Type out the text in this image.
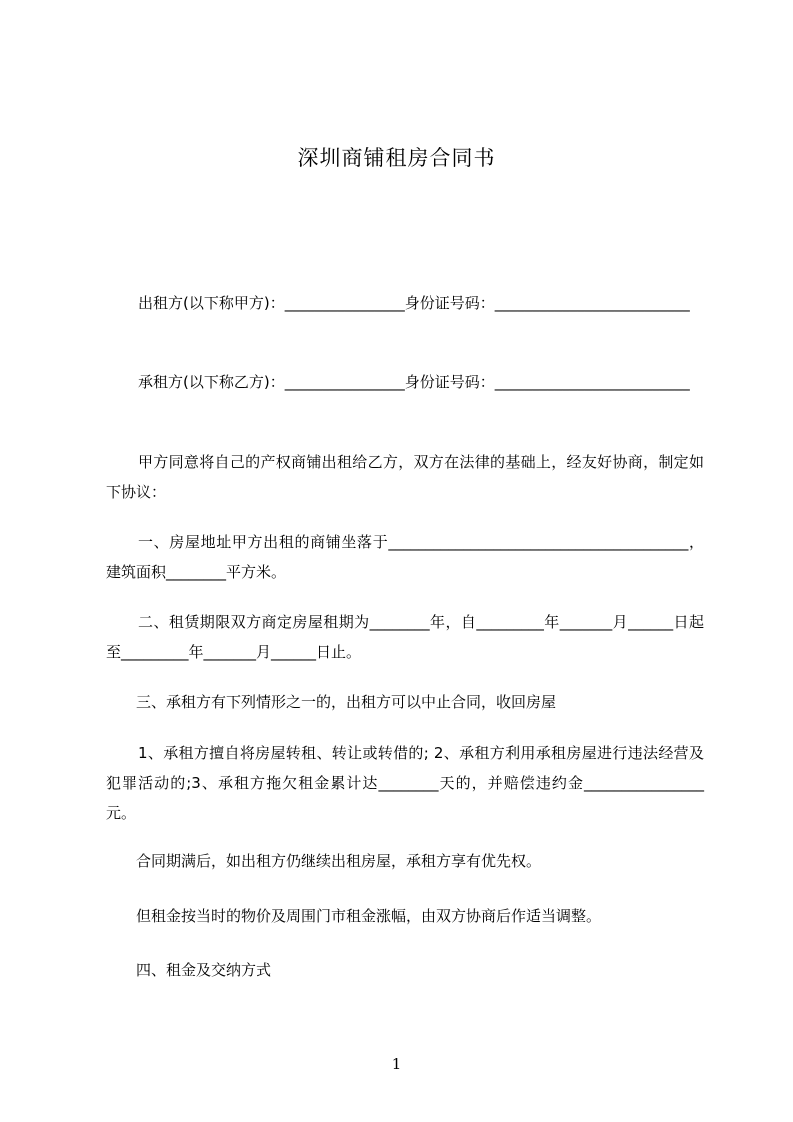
深圳商铺租房合同书

出租方(以下称甲方)：________________身份证号码：__________________________

承租方(以下称乙方)：________________身份证号码：__________________________

甲方同意将自己的产权商铺出租给乙方，双方在法律的基础上，经友好协商，制定如下协议：

一、房屋地址甲方出租的商铺坐落于________________________________________，建筑面积________平方米。

二、租赁期限双方商定房屋租期为________年，自_________年_______月______日起至_________年_______月______日止。

三、承租方有下列情形之一的，出租方可以中止合同，收回房屋

1、承租方擅自将房屋转租、转让或转借的; 2、承租方利用承租房屋进行违法经营及犯罪活动的;3、承租方拖欠租金累计达________天的，并赔偿违约金________________元。

合同期满后，如出租方仍继续出租房屋，承租方享有优先权。

但租金按当时的物价及周围门市租金涨幅，由双方协商后作适当调整。

四、租金及交纳方式

1
